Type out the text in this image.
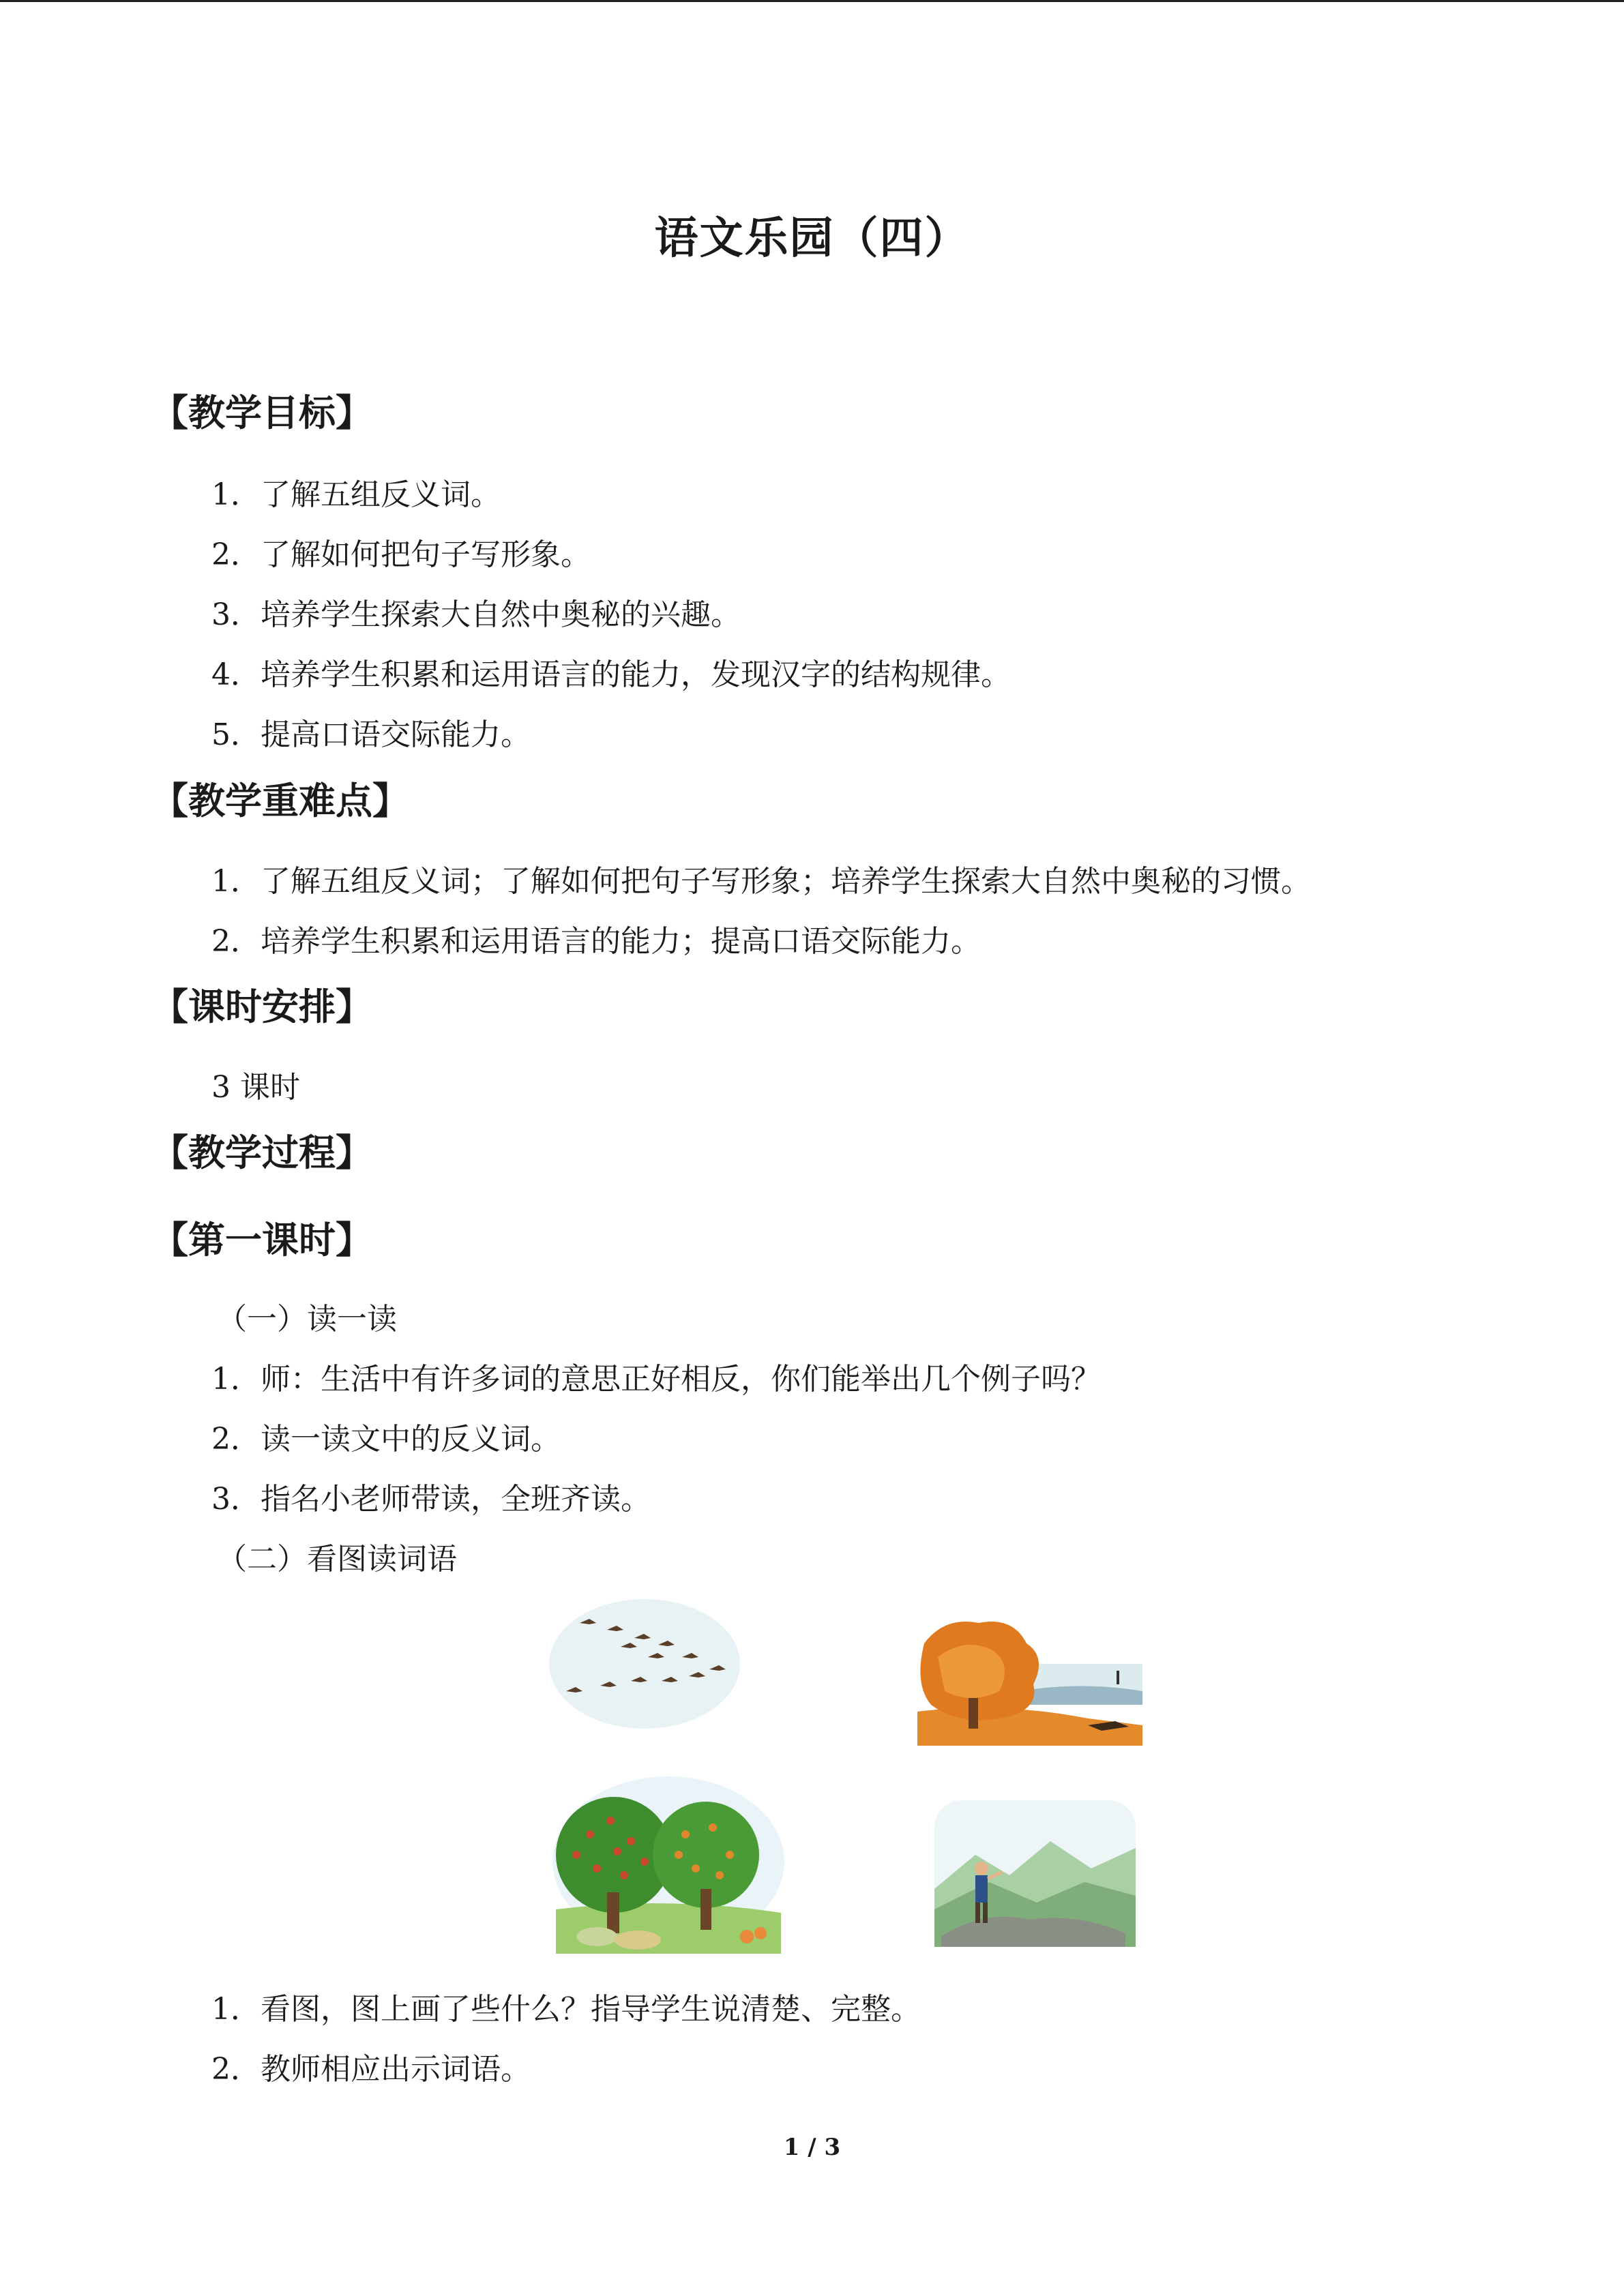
语文乐园（四）
【教学目标】
1．了解五组反义词。
2．了解如何把句子写形象。
3．培养学生探索大自然中奥秘的兴趣。
4．培养学生积累和运用语言的能力，发现汉字的结构规律。
5．提高口语交际能力。
【教学重难点】
1．了解五组反义词；了解如何把句子写形象；培养学生探索大自然中奥秘的习惯。
2．培养学生积累和运用语言的能力；提高口语交际能力。
【课时安排】
3 课时
【教学过程】
【第一课时】
（一）读一读
1．师：生活中有许多词的意思正好相反，你们能举出几个例子吗？
2．读一读文中的反义词。
3．指名小老师带读，全班齐读。
（二）看图读词语
1．看图，图上画了些什么？指导学生说清楚、完整。
2．教师相应出示词语。
1 / 3
